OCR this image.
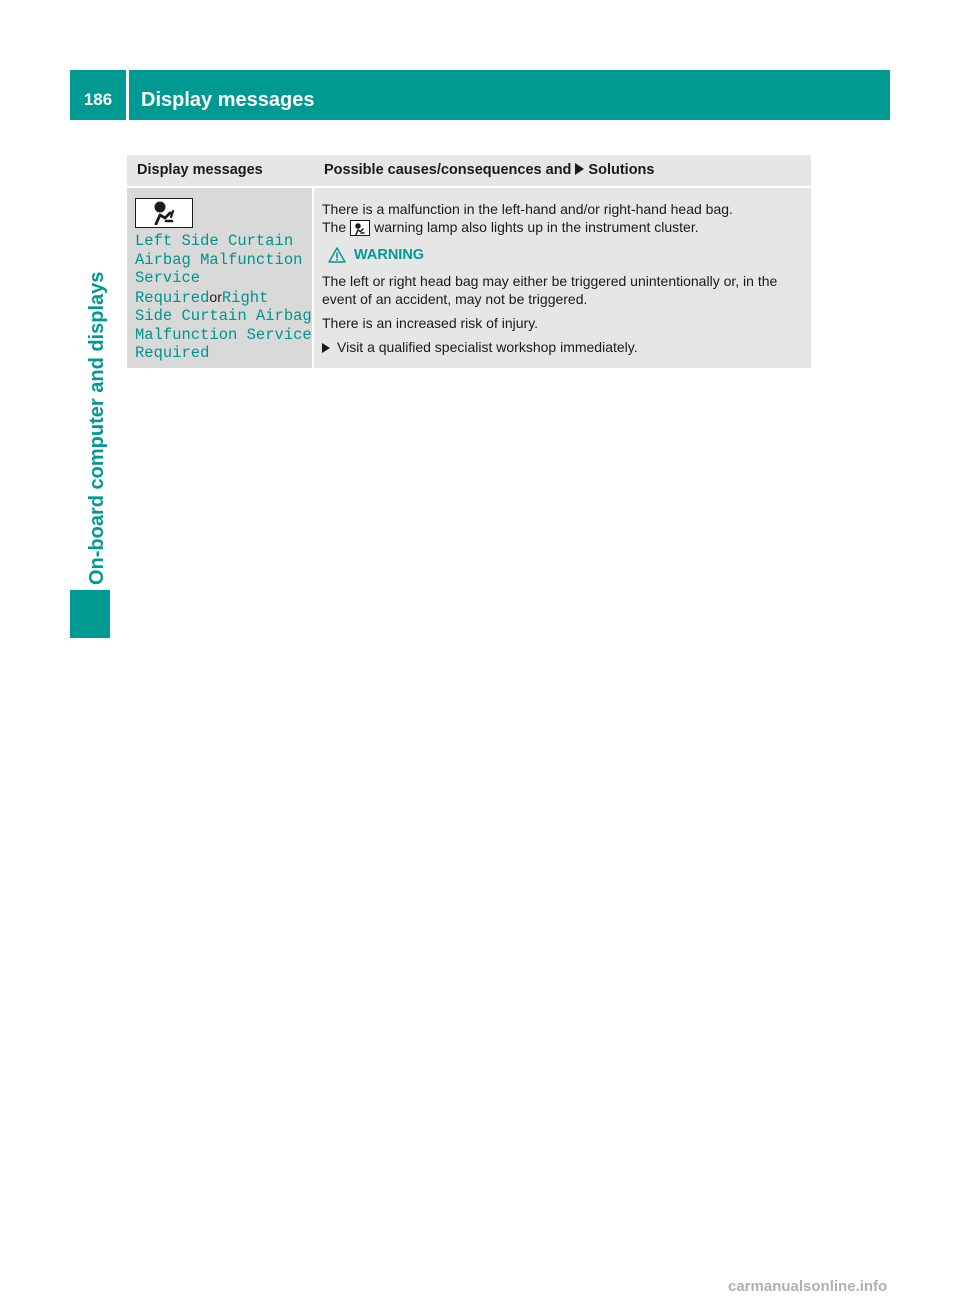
186	Display messages
On-board computer and displays
Display messages	Possible causes/consequences and Solutions
Left Side Curtain
Airbag Malfunction
Service
RequiredorRight
Side Curtain Airbag
Malfunction Service
Required
There is a malfunction in the left-hand and/or right-hand head bag.
The warning lamp also lights up in the instrument cluster.
WARNING
The left or right head bag may either be triggered unintentionally or, in the event of an accident, may not be triggered.
There is an increased risk of injury.
Visit a qualified specialist workshop immediately.
carmanualsonline.info
